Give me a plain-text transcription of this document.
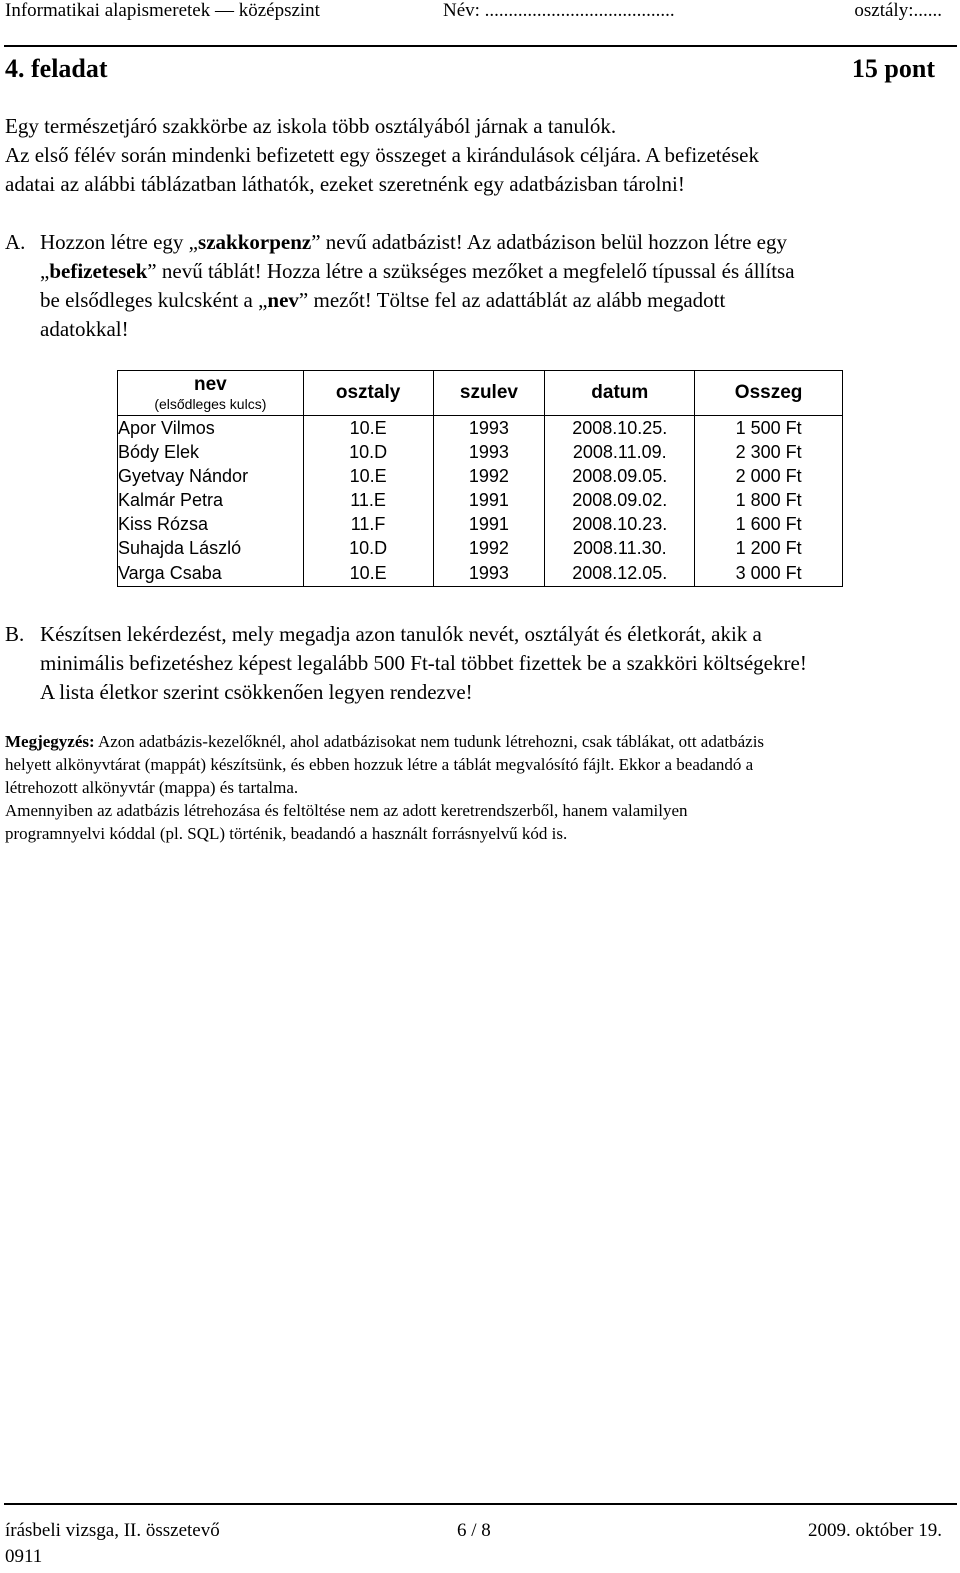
Informatikai alapismeretek — középszint	Név: ........................................	osztály:......
4. feladat	15 pont
Egy természetjáró szakkörbe az iskola több osztályából járnak a tanulók.
Az első félév során mindenki befizetett egy összeget a kirándulások céljára. A befizetések
adatai az alábbi táblázatban láthatók, ezeket szeretnénk egy adatbázisban tárolni!
A. Hozzon létre egy „szakkorpenz” nevű adatbázist! Az adatbázison belül hozzon létre egy
„befizetesek” nevű táblát! Hozza létre a szükséges mezőket a megfelelő típussal és állítsa
be elsődleges kulcsként a „nev” mezőt! Töltse fel az adattáblát az alább megadott
adatokkal!
nev
(elsődleges kulcs)	osztaly	szulev	datum	Osszeg
Apor Vilmos	10.E	1993	2008.10.25.	1 500 Ft
Bódy Elek	10.D	1993	2008.11.09.	2 300 Ft
Gyetvay Nándor	10.E	1992	2008.09.05.	2 000 Ft
Kalmár Petra	11.E	1991	2008.09.02.	1 800 Ft
Kiss Rózsa	11.F	1991	2008.10.23.	1 600 Ft
Suhajda László	10.D	1992	2008.11.30.	1 200 Ft
Varga Csaba	10.E	1993	2008.12.05.	3 000 Ft
B. Készítsen lekérdezést, mely megadja azon tanulók nevét, osztályát és életkorát, akik a
minimális befizetéshez képest legalább 500 Ft-tal többet fizettek be a szakköri költségekre!
A lista életkor szerint csökkenően legyen rendezve!
Megjegyzés: Azon adatbázis-kezelőknél, ahol adatbázisokat nem tudunk létrehozni, csak táblákat, ott adatbázis
helyett alkönyvtárat (mappát) készítsünk, és ebben hozzuk létre a táblát megvalósító fájlt. Ekkor a beadandó a
létrehozott alkönyvtár (mappa) és tartalma.
Amennyiben az adatbázis létrehozása és feltöltése nem az adott keretrendszerből, hanem valamilyen
programnyelvi kóddal (pl. SQL) történik, beadandó a használt forrásnyelvű kód is.
írásbeli vizsga, II. összetevő	6 / 8	2009. október 19.
0911
